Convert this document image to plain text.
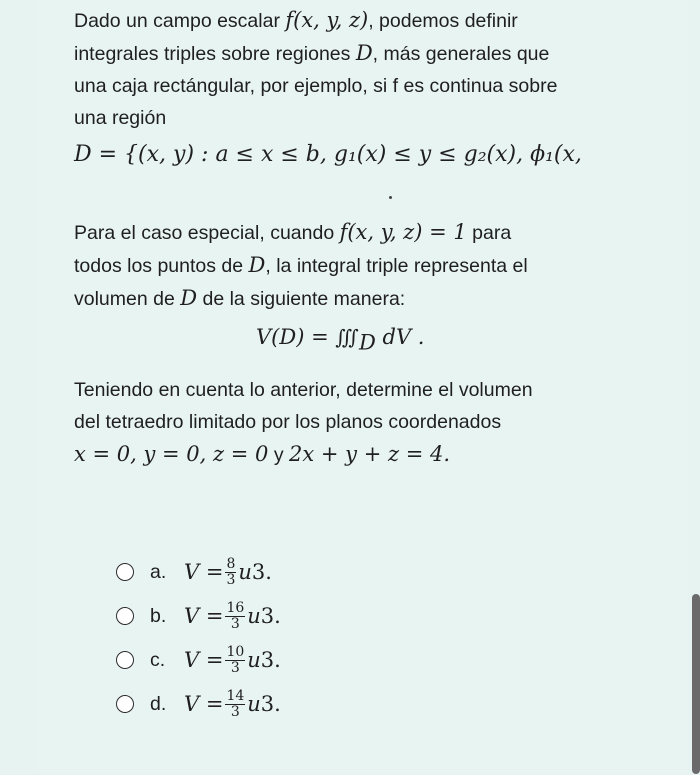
Dado un campo escalar f(x, y, z), podemos definir
integrales triples sobre regiones D, más generales que
una caja rectángular, por ejemplo, si f es continua sobre
una región
D = {(x, y) : a ≤ x ≤ b, g₁(x) ≤ y ≤ g₂(x), ϕ₁(x,
Para el caso especial, cuando f(x, y, z) = 1 para
todos los puntos de D, la integral triple representa el
volumen de D de la siguiente manera:
$V(D) = ∭_D$ dV .
Teniendo en cuenta lo anterior, determine el volumen
del tetraedro limitado por los planos coordenados
x = 0, y = 0, z = 0 y 2x + y + z = 4.
a. $V = \frac{8}{3}$ u 3 .
b. $V = \frac{16}{3}$ u 3 .
c. $V = \frac{10}{3}$ u 3 .
d. $V = \frac{14}{3}$ u 3 .
